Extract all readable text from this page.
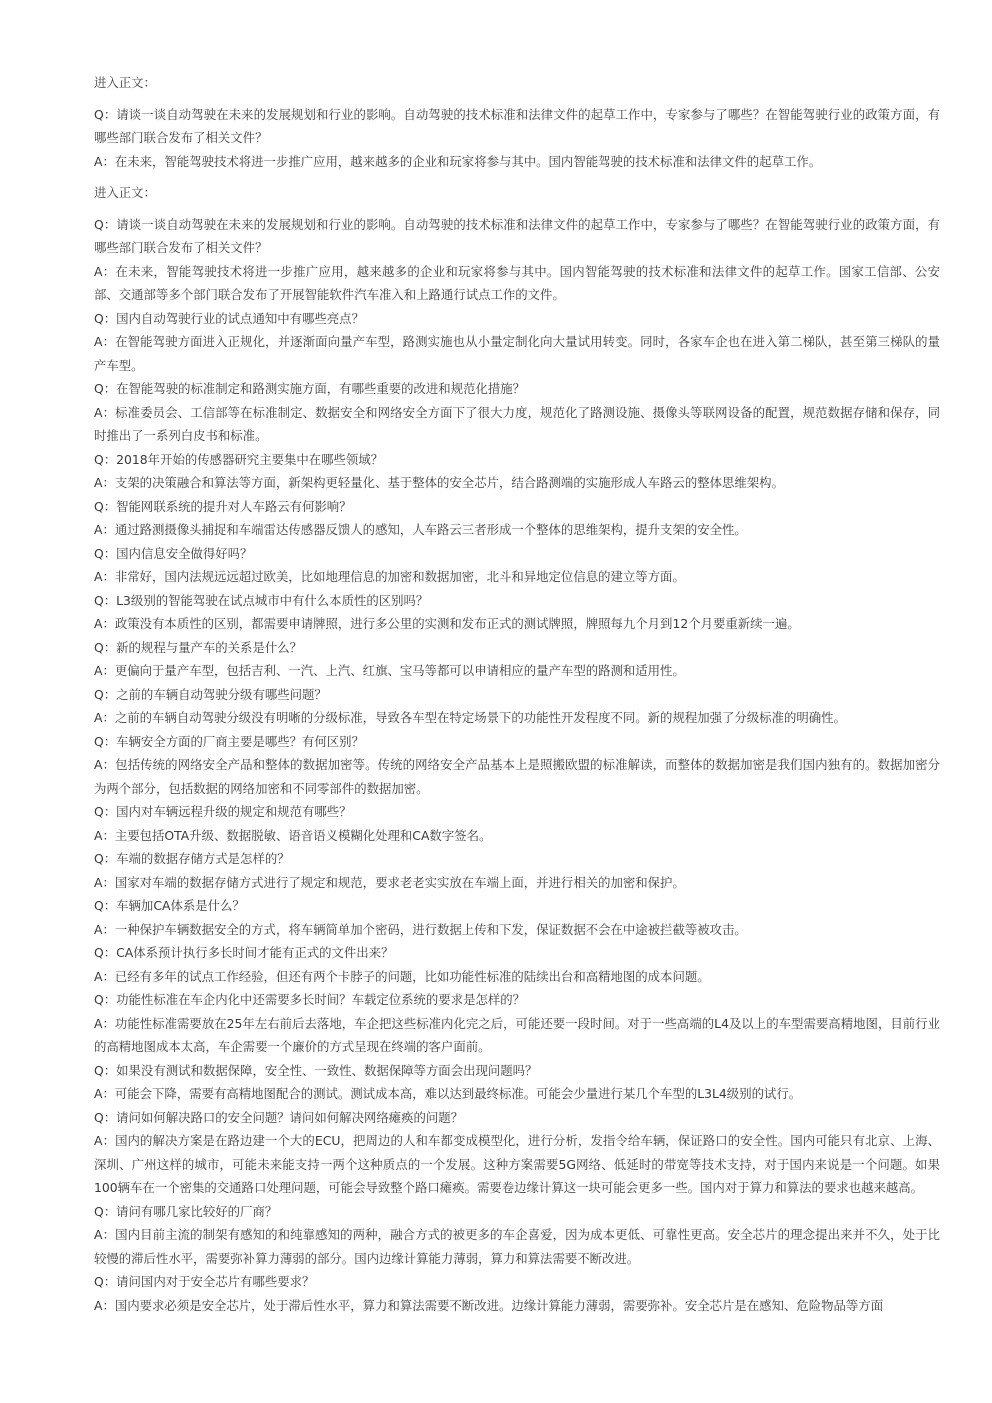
进入正文：

Q：请谈一谈自动驾驶在未来的发展规划和行业的影响。自动驾驶的技术标准和法律文件的起草工作中，专家参与了哪些？在智能驾驶行业的政策方面，有哪些部门联合发布了相关文件？

A：在未来，智能驾驶技术将进一步推广应用，越来越多的企业和玩家将参与其中。国内智能驾驶的技术标准和法律文件的起草工作。

进入正文：

Q：请谈一谈自动驾驶在未来的发展规划和行业的影响。自动驾驶的技术标准和法律文件的起草工作中，专家参与了哪些？在智能驾驶行业的政策方面，有哪些部门联合发布了相关文件？

A：在未来，智能驾驶技术将进一步推广应用，越来越多的企业和玩家将参与其中。国内智能驾驶的技术标准和法律文件的起草工作。国家工信部、公安部、交通部等多个部门联合发布了开展智能软件汽车准入和上路通行试点工作的文件。

Q：国内自动驾驶行业的试点通知中有哪些亮点？

A：在智能驾驶方面进入正规化，并逐渐面向量产车型，路测实施也从小量定制化向大量试用转变。同时，各家车企也在进入第二梯队，甚至第三梯队的量产车型。

Q：在智能驾驶的标准制定和路测实施方面，有哪些重要的改进和规范化措施？

A：标准委员会、工信部等在标准制定、数据安全和网络安全方面下了很大力度，规范化了路测设施、摄像头等联网设备的配置，规范数据存储和保存，同时推出了一系列白皮书和标准。

Q：2018年开始的传感器研究主要集中在哪些领域？

A：支架的决策融合和算法等方面，新架构更轻量化、基于整体的安全芯片，结合路测端的实施形成人车路云的整体思维架构。

Q：智能网联系统的提升对人车路云有何影响？

A：通过路测摄像头捕捉和车端雷达传感器反馈人的感知，人车路云三者形成一个整体的思维架构，提升支架的安全性。

Q：国内信息安全做得好吗？

A：非常好，国内法规远远超过欧美，比如地理信息的加密和数据加密，北斗和异地定位信息的建立等方面。

Q：L3级别的智能驾驶在试点城市中有什么本质性的区别吗？

A：政策没有本质性的区别，都需要申请牌照，进行多公里的实测和发布正式的测试牌照，牌照每九个月到12个月要重新续一遍。

Q：新的规程与量产车的关系是什么？

A：更偏向于量产车型，包括吉利、一汽、上汽、红旗、宝马等都可以申请相应的量产车型的路测和适用性。

Q：之前的车辆自动驾驶分级有哪些问题？

A：之前的车辆自动驾驶分级没有明晰的分级标准，导致各车型在特定场景下的功能性开发程度不同。新的规程加强了分级标准的明确性。

Q：车辆安全方面的厂商主要是哪些？有何区别？

A：包括传统的网络安全产品和整体的数据加密等。传统的网络安全产品基本上是照搬欧盟的标准解读，而整体的数据加密是我们国内独有的。数据加密分为两个部分，包括数据的网络加密和不同零部件的数据加密。

Q：国内对车辆远程升级的规定和规范有哪些？

A：主要包括OTA升级、数据脱敏、语音语义模糊化处理和CA数字签名。

Q：车端的数据存储方式是怎样的？

A：国家对车端的数据存储方式进行了规定和规范，要求老老实实放在车端上面，并进行相关的加密和保护。

Q：车辆加CA体系是什么？

A：一种保护车辆数据安全的方式，将车辆简单加个密码，进行数据上传和下发，保证数据不会在中途被拦截等被攻击。

Q：CA体系预计执行多长时间才能有正式的文件出来？

A：已经有多年的试点工作经验，但还有两个卡脖子的问题，比如功能性标准的陆续出台和高精地图的成本问题。

Q：功能性标准在车企内化中还需要多长时间？车载定位系统的要求是怎样的？

A：功能性标准需要放在25年左右前后去落地，车企把这些标准内化完之后，可能还要一段时间。对于一些高端的L4及以上的车型需要高精地图，目前行业的高精地图成本太高，车企需要一个廉价的方式呈现在终端的客户面前。

Q：如果没有测试和数据保障，安全性、一致性、数据保障等方面会出现问题吗？

A：可能会下降，需要有高精地图配合的测试。测试成本高，难以达到最终标准。可能会少量进行某几个车型的L3L4级别的试行。

Q：请问如何解决路口的安全问题？请问如何解决网络瘫痪的问题？

A：国内的解决方案是在路边建一个大的ECU，把周边的人和车都变成模型化，进行分析，发指令给车辆，保证路口的安全性。国内可能只有北京、上海、深圳、广州这样的城市，可能未来能支持一两个这种质点的一个发展。这种方案需要5G网络、低延时的带宽等技术支持，对于国内来说是一个问题。如果100辆车在一个密集的交通路口处理问题，可能会导致整个路口瘫痪。需要卷边缘计算这一块可能会更多一些。国内对于算力和算法的要求也越来越高。

Q：请问有哪几家比较好的厂商？

A：国内目前主流的制架有感知的和纯靠感知的两种，融合方式的被更多的车企喜爱，因为成本更低、可靠性更高。安全芯片的理念提出来并不久，处于比较慢的滞后性水平，需要弥补算力薄弱的部分。国内边缘计算能力薄弱，算力和算法需要不断改进。

Q：请问国内对于安全芯片有哪些要求？

A：国内要求必须是安全芯片，处于滞后性水平，算力和算法需要不断改进。边缘计算能力薄弱，需要弥补。安全芯片是在感知、危险物品等方面
